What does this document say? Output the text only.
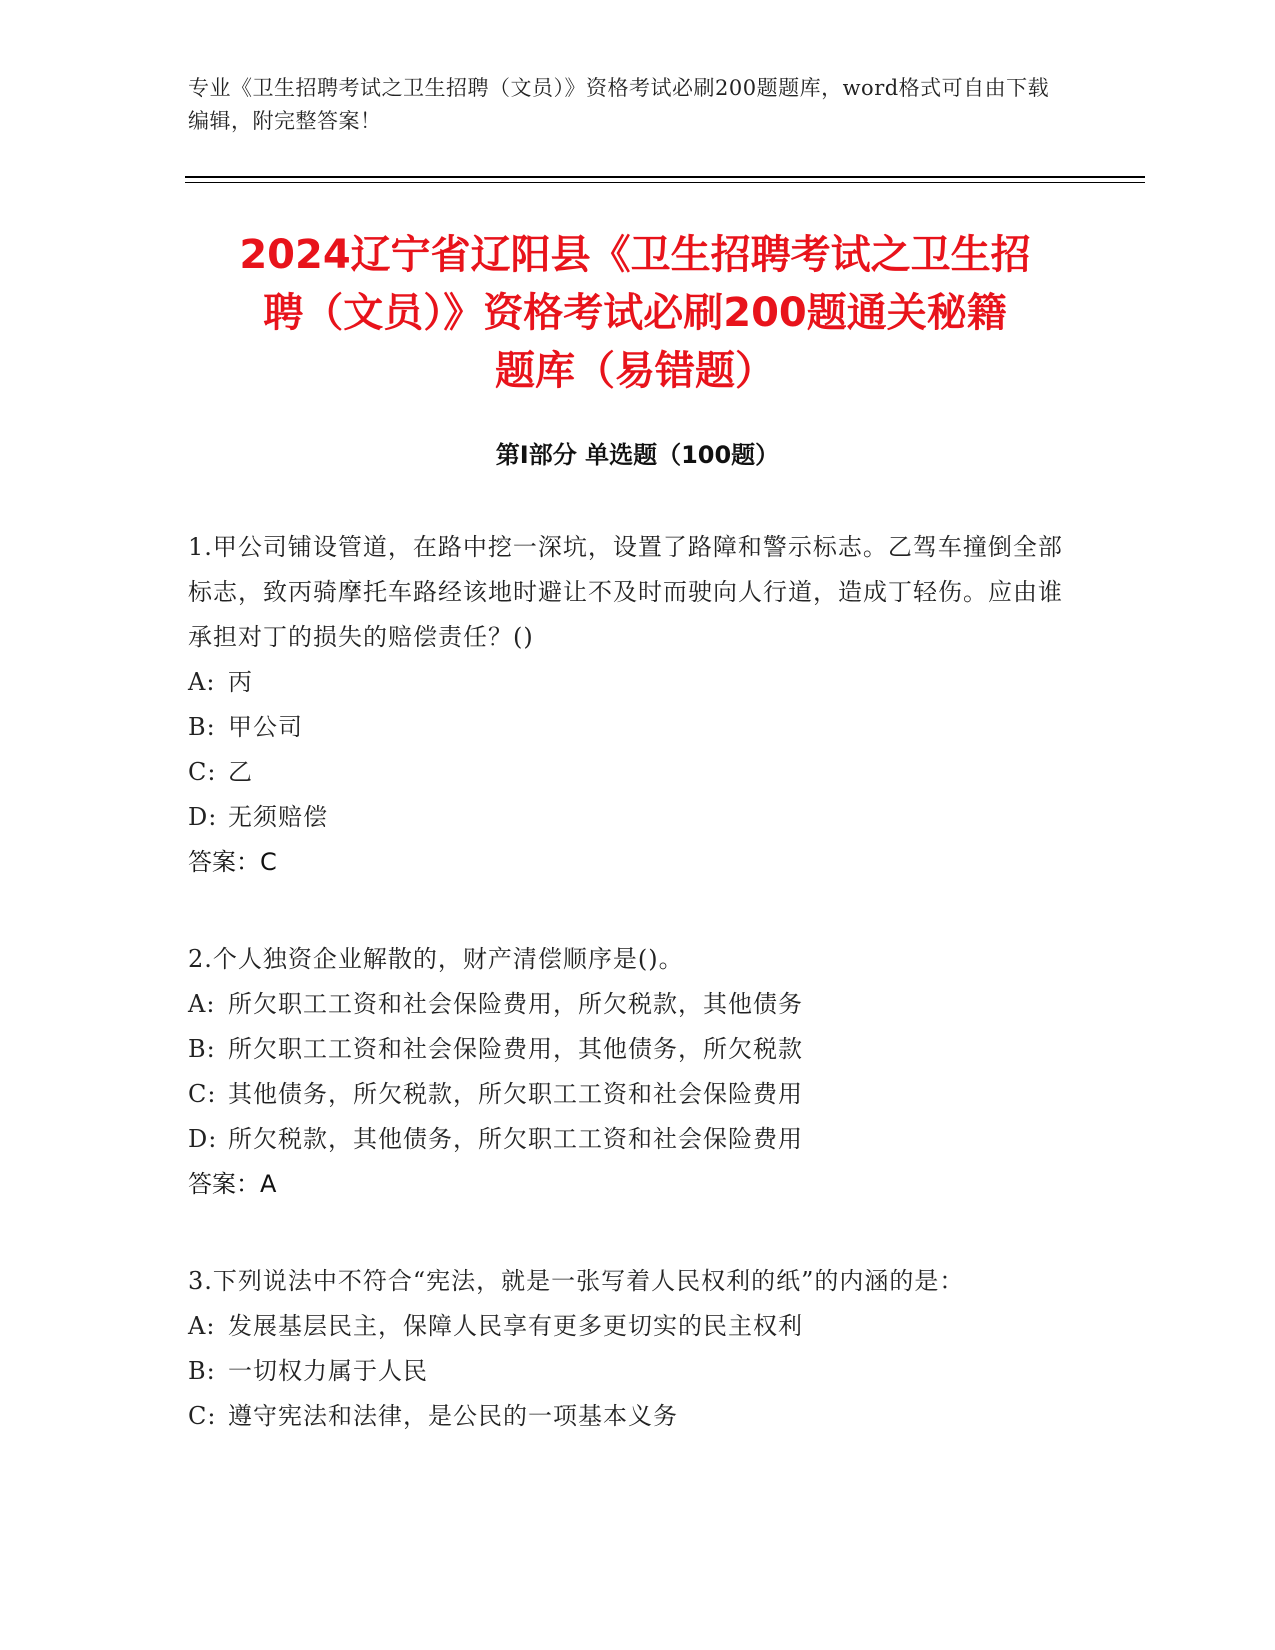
专业《卫生招聘考试之卫生招聘（文员）》资格考试必刷200题题库，word格式可自由下载编辑，附完整答案！
2024辽宁省辽阳县《卫生招聘考试之卫生招
聘（文员）》资格考试必刷200题通关秘籍
题库（易错题）
第Ⅰ部分 单选题（100题）
1.甲公司铺设管道，在路中挖一深坑，设置了路障和警示标志。乙驾车撞倒全部标志，致丙骑摩托车路经该地时避让不及时而驶向人行道，造成丁轻伤。应由谁承担对丁的损失的赔偿责任？()

A: 丙

B: 甲公司

C: 乙

D: 无须赔偿

答案：C

2.个人独资企业解散的，财产清偿顺序是()。

A: 所欠职工工资和社会保险费用，所欠税款，其他债务

B: 所欠职工工资和社会保险费用，其他债务，所欠税款

C: 其他债务，所欠税款，所欠职工工资和社会保险费用

D: 所欠税款，其他债务，所欠职工工资和社会保险费用

答案：A

3.下列说法中不符合“宪法，就是一张写着人民权利的纸”的内涵的是：

A: 发展基层民主，保障人民享有更多更切实的民主权利

B: 一切权力属于人民

C: 遵守宪法和法律，是公民的一项基本义务
